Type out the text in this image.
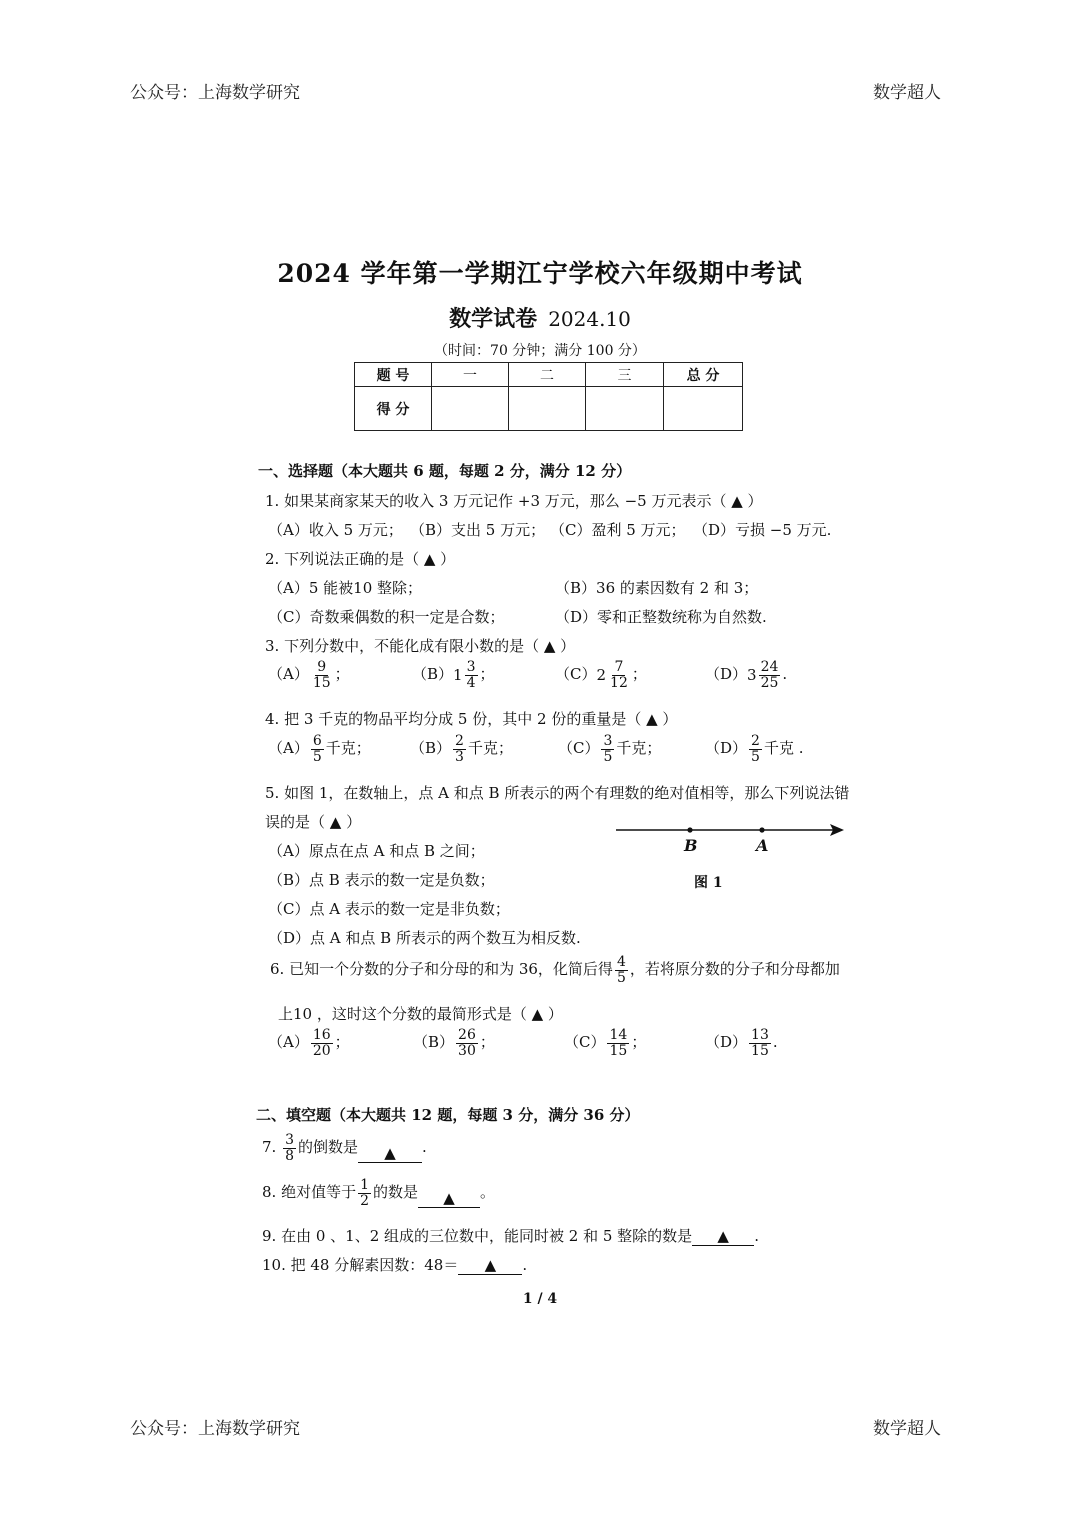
公众号：上海数学研究	数学超人
公众号：上海数学研究	数学超人
2024 学年第一学期江宁学校六年级期中考试
数学试卷 2024.10
（时间：70 分钟；满分 100 分）
题 号	一	二	三	总 分
得 分				
一、选择题（本大题共 6 题，每题 2 分，满分 12 分）
1. 如果某商家某天的收入 3 万元记作 +3 万元，那么 −5 万元表示（ ▲ ）
（A）收入 5 万元； （B）支出 5 万元； （C）盈利 5 万元； （D）亏损 −5 万元.
2. 下列说法正确的是（ ▲ ）
（A）5 能被10 整除；	（B）36 的素因数有 2 和 3；
（C）奇数乘偶数的积一定是合数；	（D）零和正整数统称为自然数.
3. 下列分数中，不能化成有限小数的是（ ▲ ）
$(A) \frac{9}{15}$ ；	（B） $1 \frac{3}{4}$ ；	（C） $2 \frac{7}{12}$ ；	（D） $3 \frac{24}{25}$ .
4. 把 3 千克的物品平均分成 5 份，其中 2 份的重量是（ ▲ ）
$(A) \frac{6}{5}$ 千克；	$(B) \frac{2}{3}$ 千克；	$(C) \frac{3}{5}$ 千克；	$(D) \frac{2}{5}$ 千克 .
5. 如图 1，在数轴上，点 A 和点 B 所表示的两个有理数的绝对值相等，那么下列说法错
误的是（ ▲ ）
（A）原点在点 A 和点 B 之间；
（B）点 B 表示的数一定是负数；
（C）点 A 表示的数一定是非负数；
（D）点 A 和点 B 所表示的两个数互为相反数.
B	A
图 1
6. 已知一个分数的分子和分母的和为 36，化简后得 $\frac{4}{5}$ ，若将原分数的分子和分母都加
上10 ，这时这个分数的最简形式是（ ▲ ）
$(A) \frac{16}{20}$ ；	$(B) \frac{26}{30}$ ；	$(C) \frac{14}{15}$ ；	$(D) \frac{13}{15}$ .
二、填空题（本大题共 12 题，每题 3 分，满分 36 分）
7. $\frac{3}{8}$ 的倒数是 ▲ .
8. 绝对值等于 $\frac{1}{2}$ 的数是 ▲ 。
9. 在由 0 、1、2 组成的三位数中，能同时被 2 和 5 整除的数是 ▲ .
10. 把 48 分解素因数：48＝ ▲ .
1 / 4
